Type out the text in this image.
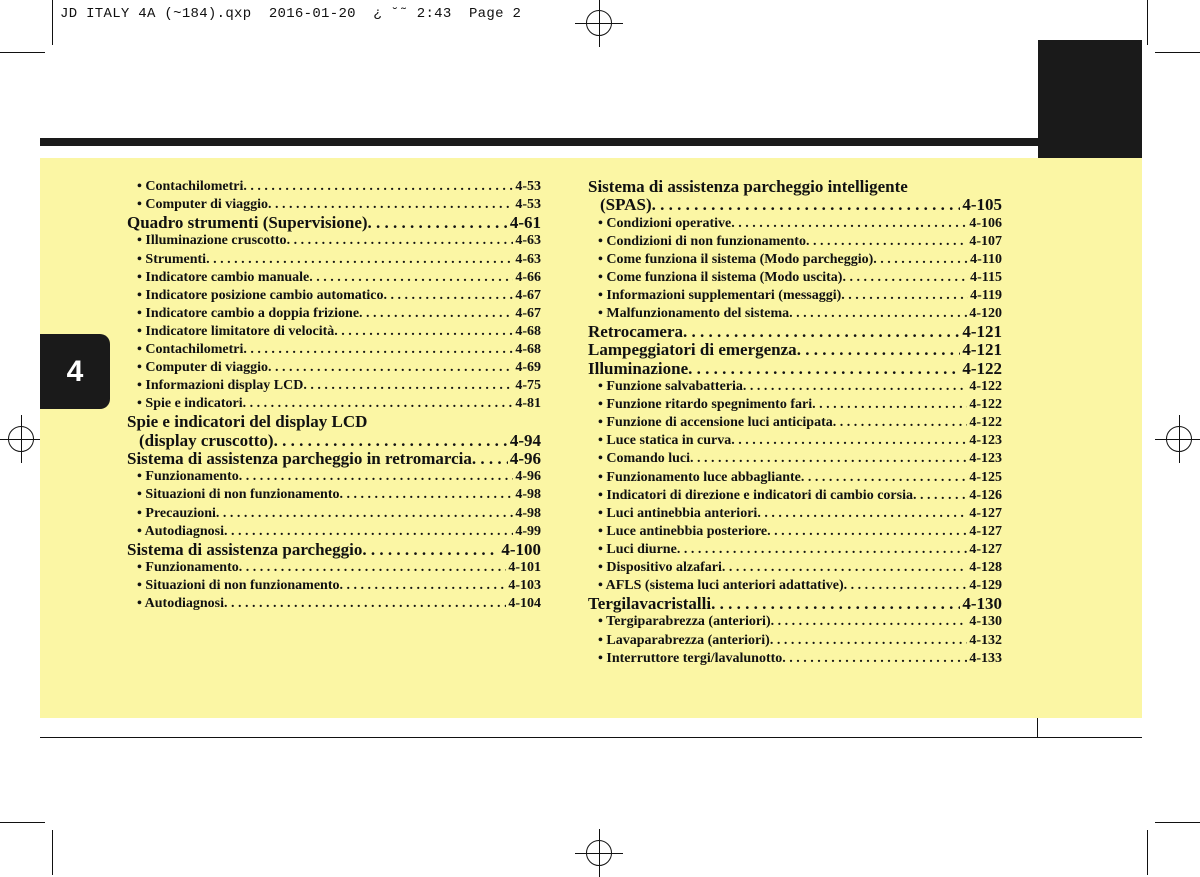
JD ITALY 4A (~184).qxp  2016-01-20  ¿ ˘˜ 2:43  Page 2
4
• Contachilometri . . .	4-53
• Computer di viaggio . . .	4-53
Quadro strumenti (Supervisione) . . .	4-61
• Illuminazione cruscotto . . .	4-63
• Strumenti . . .	4-63
• Indicatore cambio manuale . . .	4-66
• Indicatore posizione cambio automatico . . .	4-67
• Indicatore cambio a doppia frizione . . .	4-67
• Indicatore limitatore di velocità . . .	4-68
• Contachilometri . . .	4-68
• Computer di viaggio . . .	4-69
• Informazioni display LCD . . .	4-75
• Spie e indicatori . . .	4-81
Spie e indicatori del display LCD
(display cruscotto) . . .	4-94
Sistema di assistenza parcheggio in retromarcia . . . 4-96
• Funzionamento . . .	4-96
• Situazioni di non funzionamento . . .	4-98
• Precauzioni . . .	4-98
• Autodiagnosi . . .	4-99
Sistema di assistenza parcheggio . . .	4-100
• Funzionamento . . .	4-101
• Situazioni di non funzionamento . . .	4-103
• Autodiagnosi . . .	4-104
Sistema di assistenza parcheggio intelligente
(SPAS) . . .	4-105
• Condizioni operative . . .	4-106
• Condizioni di non funzionamento . . .	4-107
• Come funziona il sistema (Modo parcheggio) . . .	4-110
• Come funziona il sistema (Modo uscita) . . .	4-115
• Informazioni supplementari (messaggi) . . .	4-119
• Malfunzionamento del sistema . . .	4-120
Retrocamera . . .	4-121
Lampeggiatori di emergenza . . .	4-121
Illuminazione . . .	4-122
• Funzione salvabatteria . . .	4-122
• Funzione ritardo spegnimento fari . . .	4-122
• Funzione di accensione luci anticipata . . .	4-122
• Luce statica in curva . . .	4-123
• Comando luci . . .	4-123
• Funzionamento luce abbagliante . . .	4-125
• Indicatori di direzione e indicatori di cambio corsia . . .	4-126
• Luci antinebbia anteriori . . .	4-127
• Luce antinebbia posteriore . . .	4-127
• Luci diurne . . .	4-127
• Dispositivo alzafari . . .	4-128
• AFLS (sistema luci anteriori adattative) . . .	4-129
Tergilavacristalli . . .	4-130
• Tergiparabrezza (anteriori) . . .	4-130
• Lavaparabrezza (anteriori) . . .	4-132
• Interruttore tergi/lavalunotto . . .	4-133
